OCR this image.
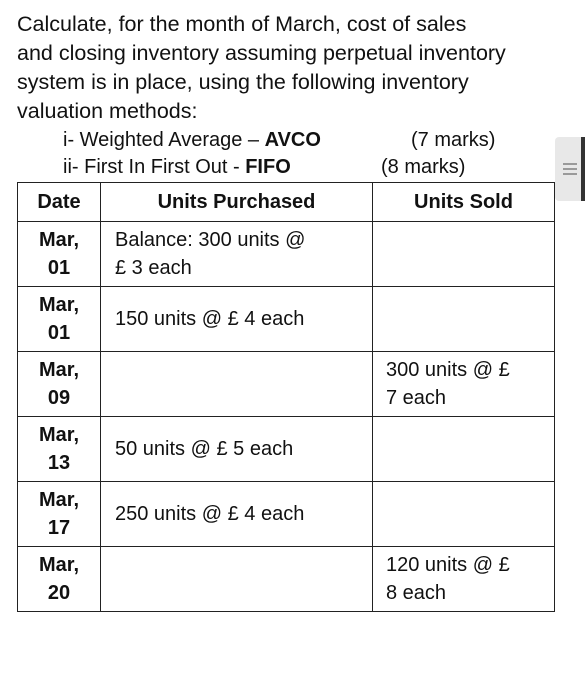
Calculate, for the month of March, cost of sales

and closing inventory assuming perpetual inventory

system is in place, using the following inventory

valuation methods:

i- Weighted Average – AVCO	(7 marks)
ii- First In First Out - FIFO	(8 marks)
Date	Units Purchased	Units Sold
Mar,
01	Balance: 300 units @
£ 3 each	
Mar,
01	150 units @ £ 4 each	
Mar,
09		300 units @ £
7 each
Mar,
13	50 units @ £ 5 each	
Mar,
17	250 units @ £ 4 each	
Mar,
20		120 units @ £
8 each
